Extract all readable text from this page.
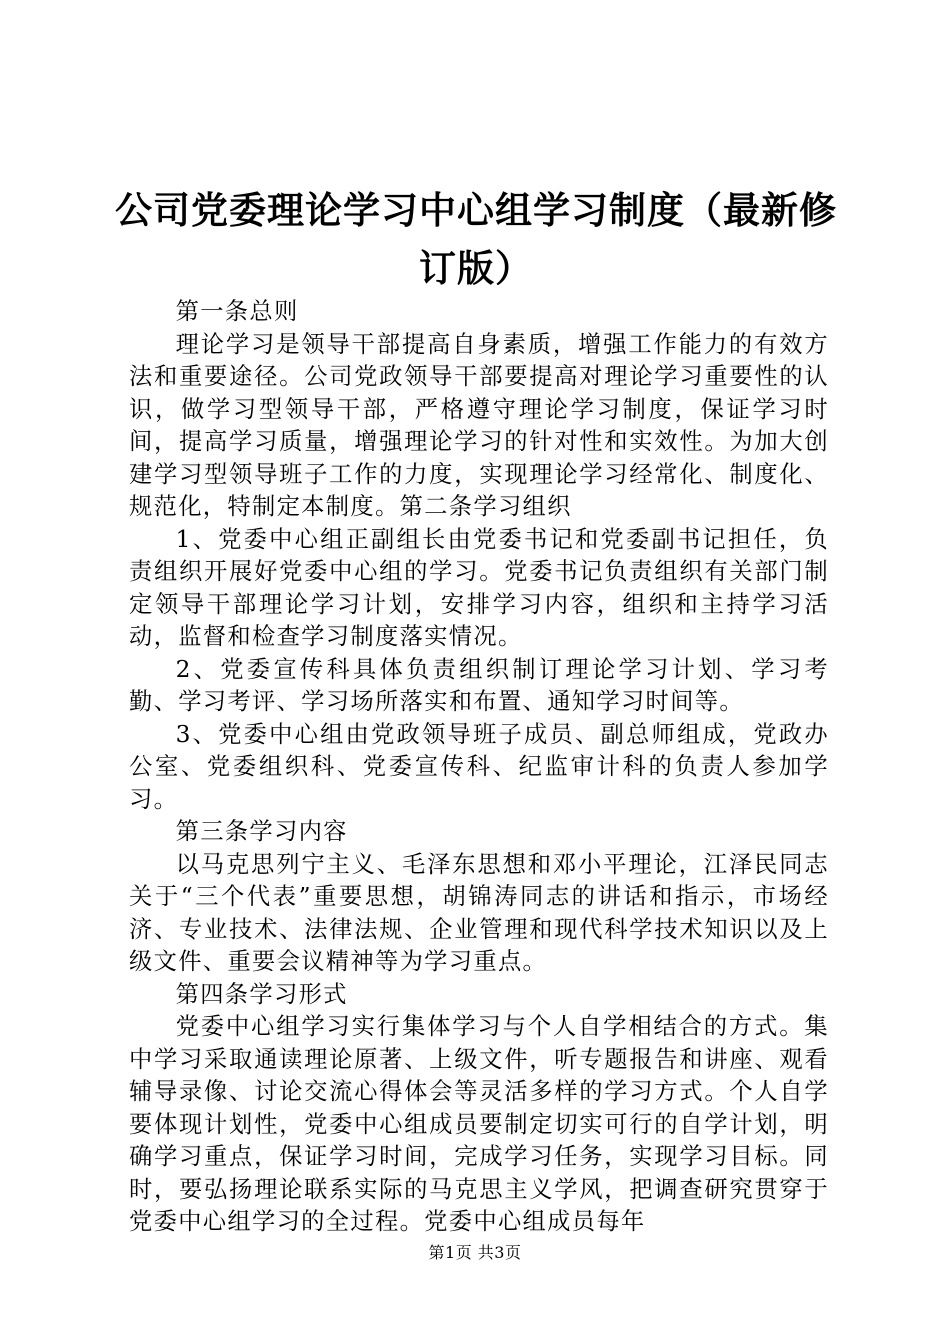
公司党委理论学习中心组学习制度（最新修订版）

第一条总则

理论学习是领导干部提高自身素质，增强工作能力的有效方法和重要途径。公司党政领导干部要提高对理论学习重要性的认识，做学习型领导干部，严格遵守理论学习制度，保证学习时间，提高学习质量，增强理论学习的针对性和实效性。为加大创建学习型领导班子工作的力度，实现理论学习经常化、制度化、规范化，特制定本制度。第二条学习组织

1、党委中心组正副组长由党委书记和党委副书记担任，负责组织开展好党委中心组的学习。党委书记负责组织有关部门制定领导干部理论学习计划，安排学习内容，组织和主持学习活动，监督和检查学习制度落实情况。

2、党委宣传科具体负责组织制订理论学习计划、学习考勤、学习考评、学习场所落实和布置、通知学习时间等。

3、党委中心组由党政领导班子成员、副总师组成，党政办公室、党委组织科、党委宣传科、纪监审计科的负责人参加学习。

第三条学习内容

以马克思列宁主义、毛泽东思想和邓小平理论，江泽民同志关于“三个代表”重要思想，胡锦涛同志的讲话和指示，市场经济、专业技术、法律法规、企业管理和现代科学技术知识以及上级文件、重要会议精神等为学习重点。

第四条学习形式

党委中心组学习实行集体学习与个人自学相结合的方式。集中学习采取通读理论原著、上级文件，听专题报告和讲座、观看辅导录像、讨论交流心得体会等灵活多样的学习方式。个人自学要体现计划性，党委中心组成员要制定切实可行的自学计划，明确学习重点，保证学习时间，完成学习任务，实现学习目标。同时，要弘扬理论联系实际的马克思主义学风，把调查研究贯穿于党委中心组学习的全过程。党委中心组成员每年

第1页 共3页
